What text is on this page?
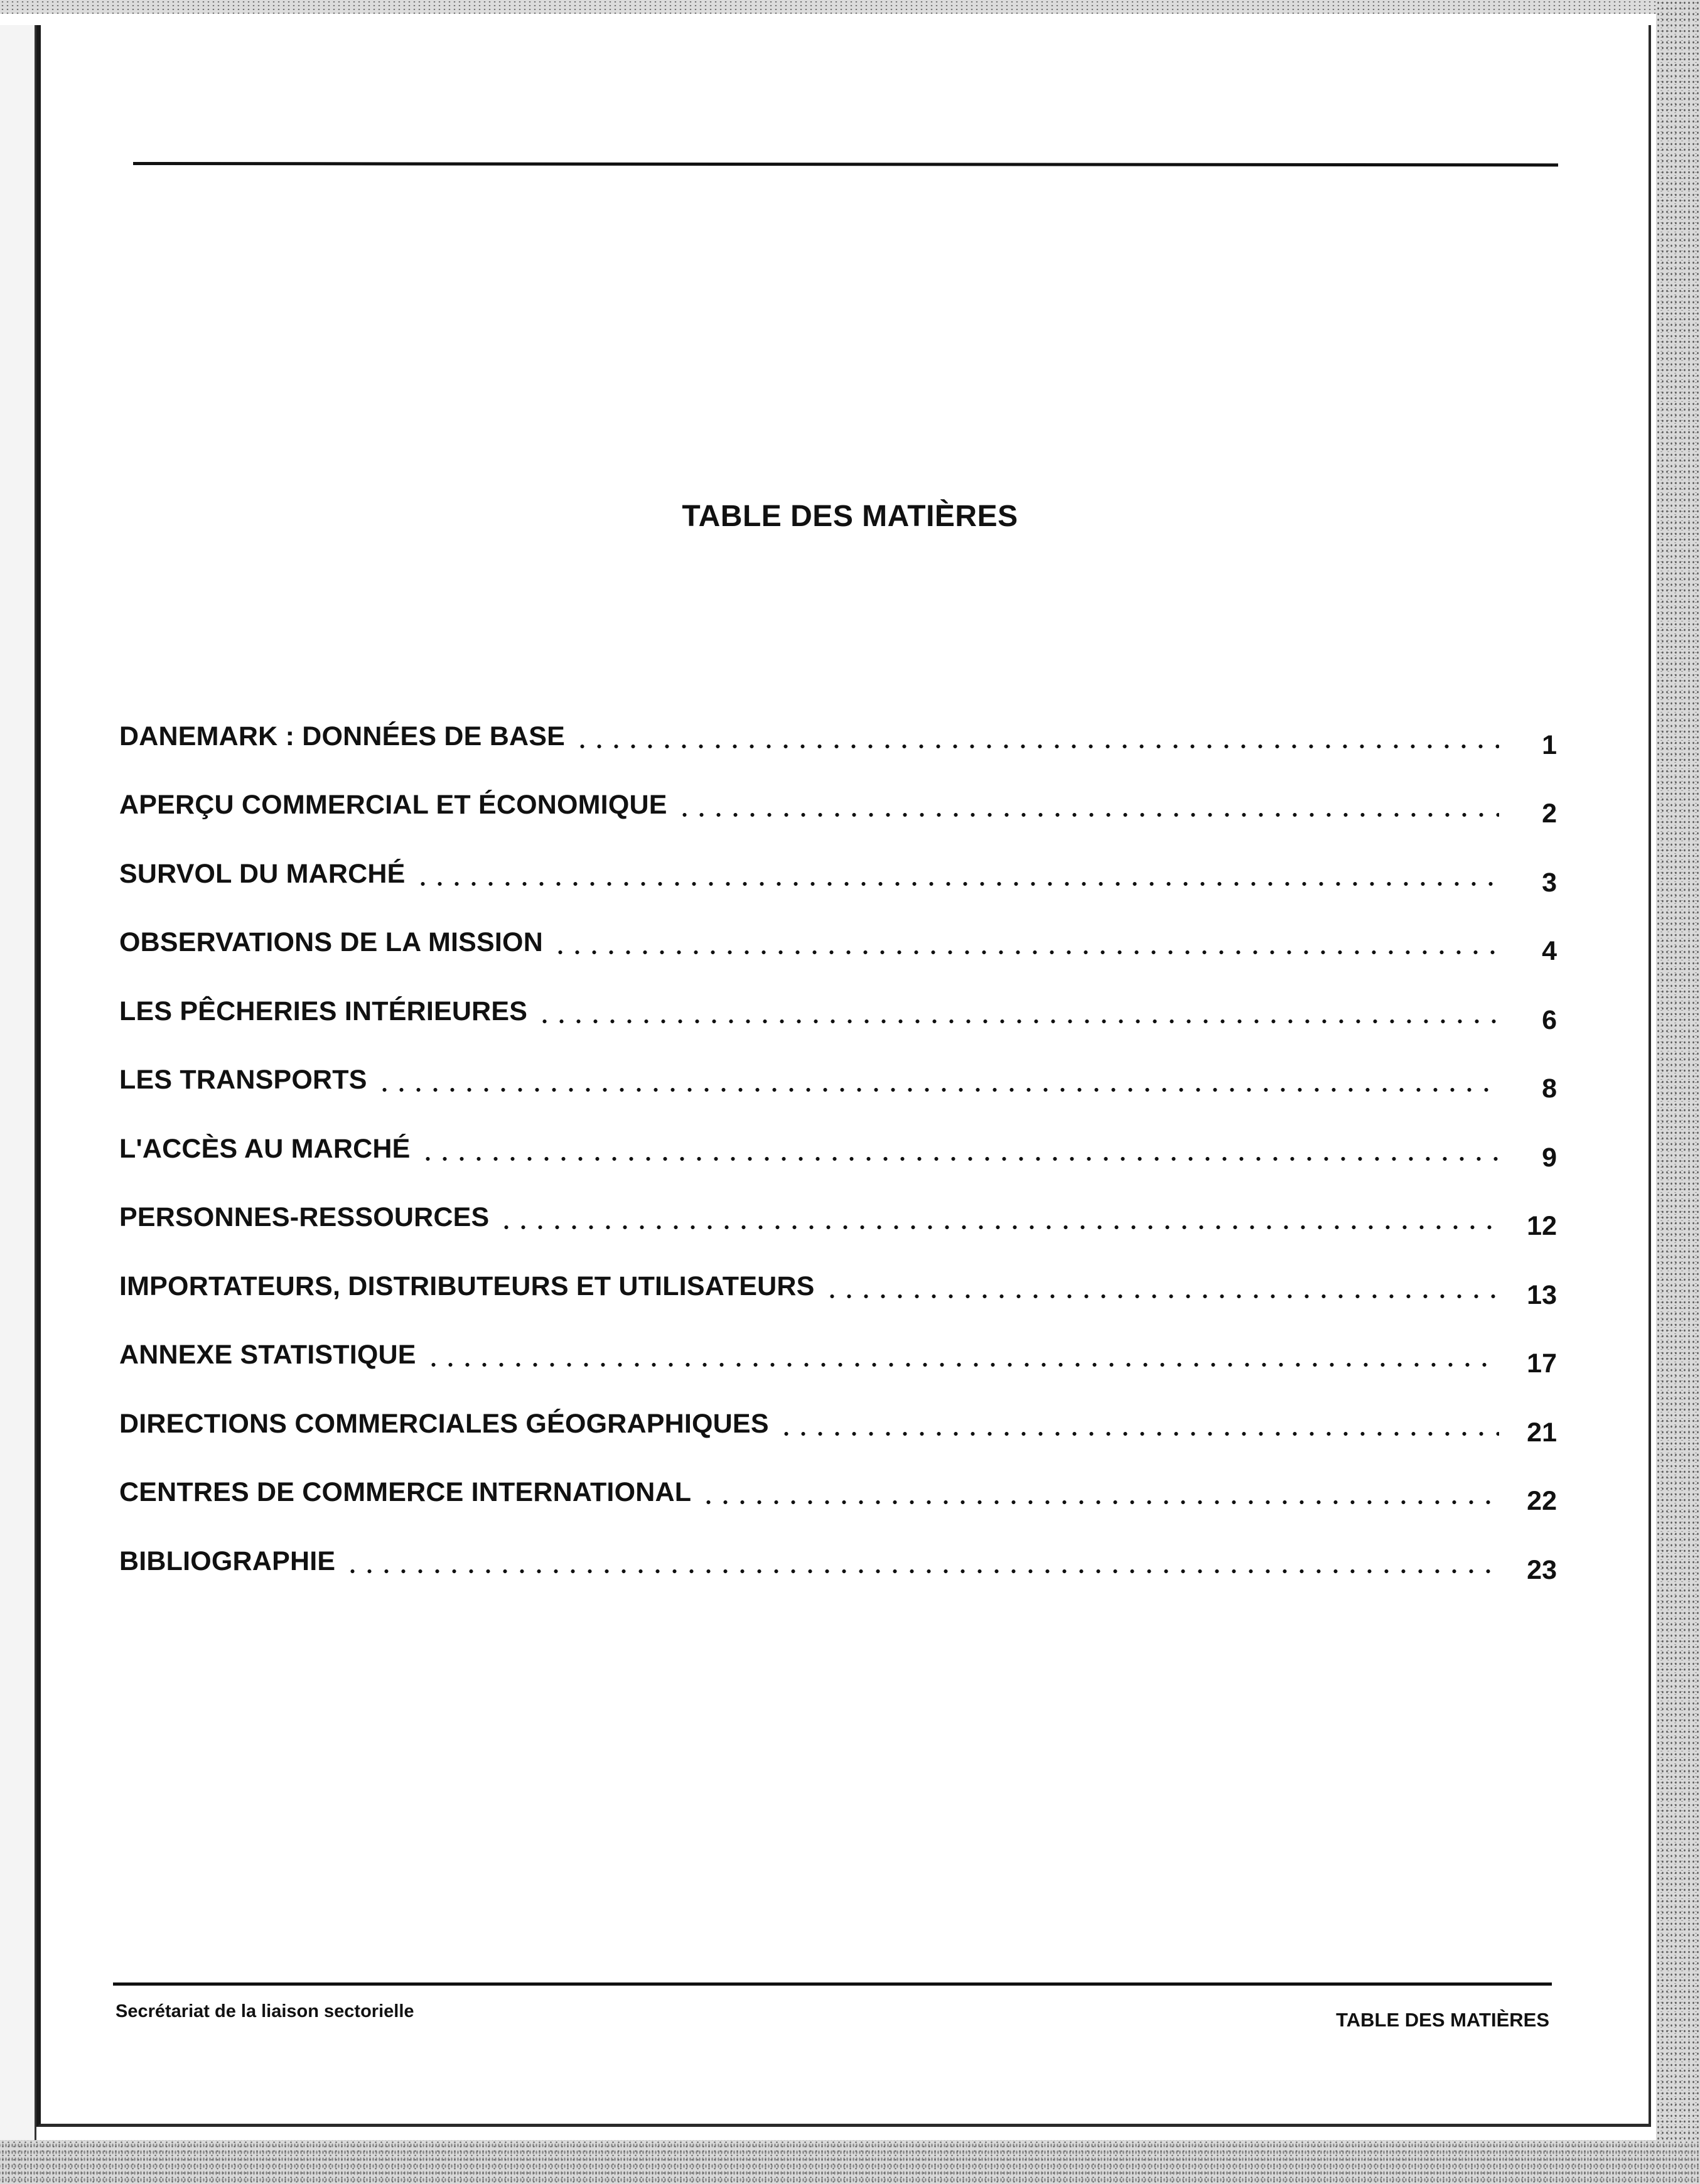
TABLE DES MATIÈRES
DANEMARK : DONNÉES DE BASE	1
APERÇU COMMERCIAL ET ÉCONOMIQUE	2
SURVOL DU MARCHÉ	3
OBSERVATIONS DE LA MISSION	4
LES PÊCHERIES INTÉRIEURES	6
LES TRANSPORTS	8
L'ACCÈS AU MARCHÉ	9
PERSONNES-RESSOURCES	12
IMPORTATEURS, DISTRIBUTEURS ET UTILISATEURS	13
ANNEXE STATISTIQUE	17
DIRECTIONS COMMERCIALES GÉOGRAPHIQUES	21
CENTRES DE COMMERCE INTERNATIONAL	22
BIBLIOGRAPHIE	23
Secrétariat de la liaison sectorielle	TABLE DES MATIÈRES
